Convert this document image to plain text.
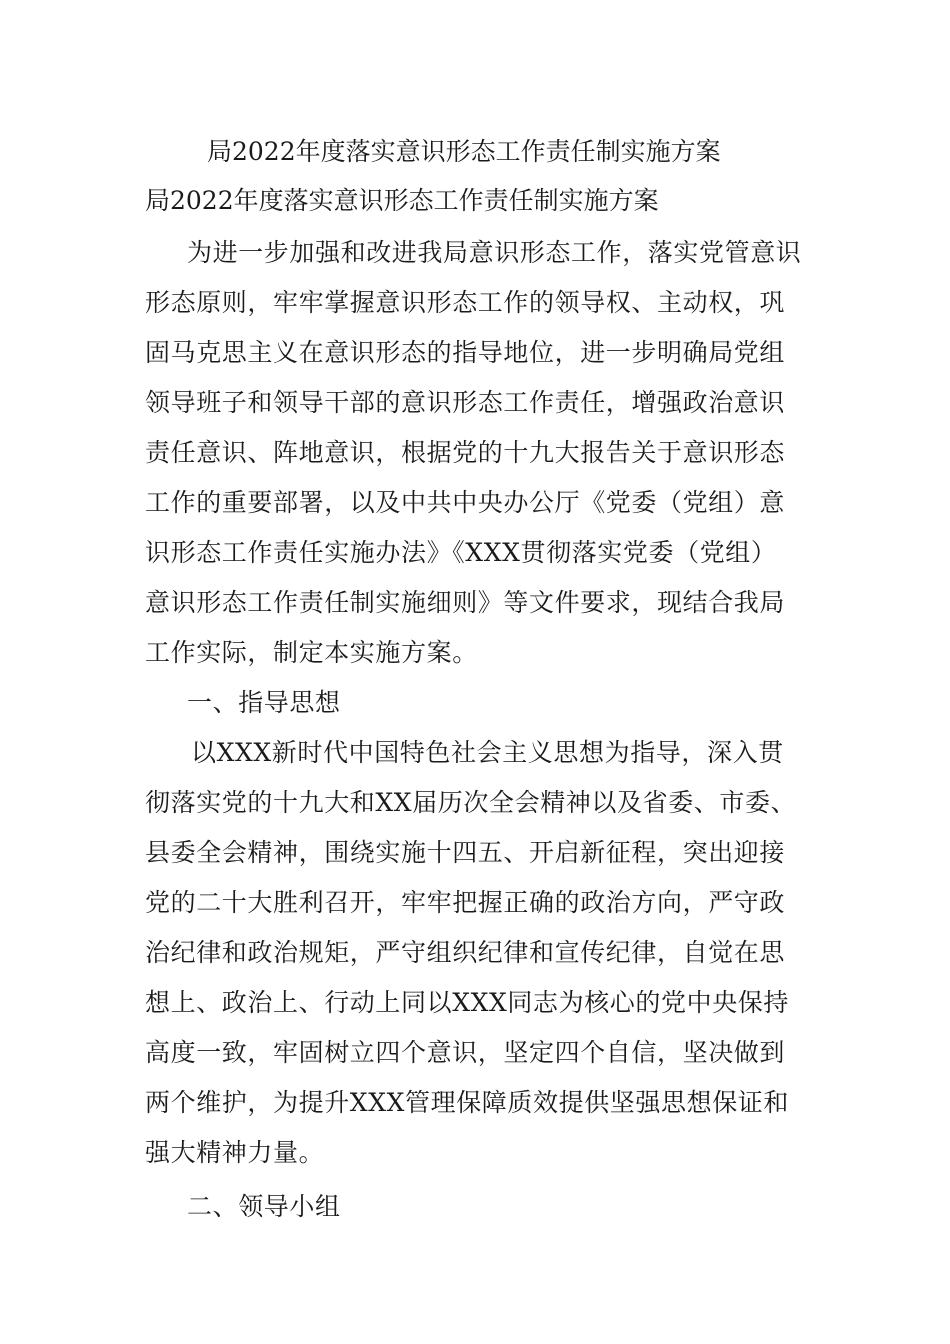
局2022年度落实意识形态工作责任制实施方案
局2022年度落实意识形态工作责任制实施方案
为进一步加强和改进我局意识形态工作，落实党管意识
形态原则，牢牢掌握意识形态工作的领导权、主动权，巩
固马克思主义在意识形态的指导地位，进一步明确局党组
领导班子和领导干部的意识形态工作责任，增强政治意识
责任意识、阵地意识，根据党的十九大报告关于意识形态
工作的重要部署，以及中共中央办公厅《党委（党组）意
识形态工作责任实施办法》《XXX贯彻落实党委（党组）
意识形态工作责任制实施细则》等文件要求，现结合我局
工作实际，制定本实施方案。
一、指导思想
以XXX新时代中国特色社会主义思想为指导，深入贯
彻落实党的十九大和XX届历次全会精神以及省委、市委、
县委全会精神，围绕实施十四五、开启新征程，突出迎接
党的二十大胜利召开，牢牢把握正确的政治方向，严守政
治纪律和政治规矩，严守组织纪律和宣传纪律，自觉在思
想上、政治上、行动上同以XXX同志为核心的党中央保持
高度一致，牢固树立四个意识，坚定四个自信，坚决做到
两个维护，为提升XXX管理保障质效提供坚强思想保证和
强大精神力量。
二、领导小组
